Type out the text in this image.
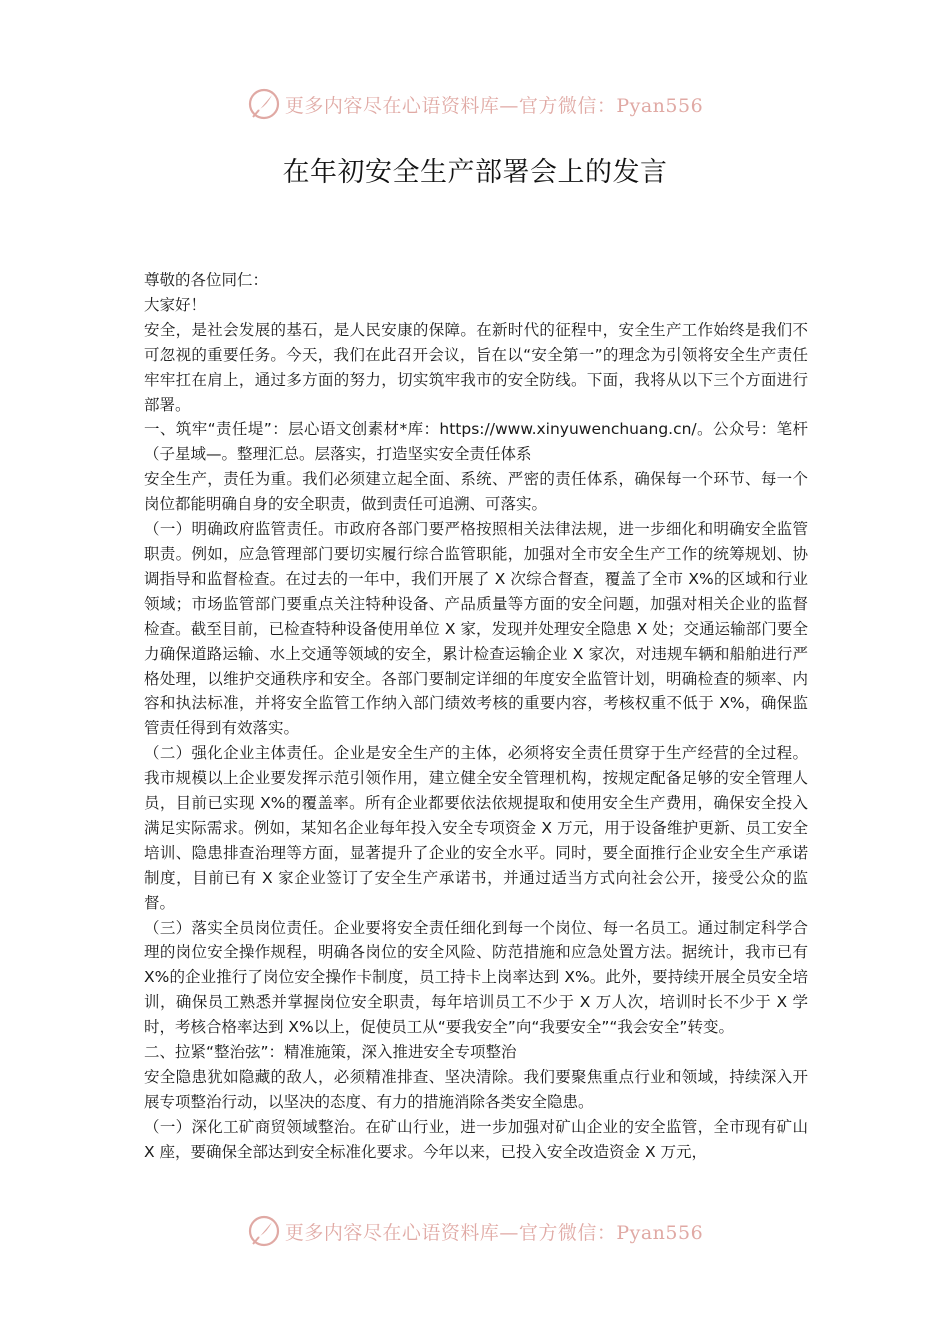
更多内容尽在心语资料库—官方微信：Pyan556
在年初安全生产部署会上的发言

尊敬的各位同仁：

大家好！

安全，是社会发展的基石，是人民安康的保障。在新时代的征程中，安全生产工作始终是我们不可忽视的重要任务。今天，我们在此召开会议，旨在以“安全第一”的理念为引领将安全生产责任牢牢扛在肩上，通过多方面的努力，切实筑牢我市的安全防线。下面，我将从以下三个方面进行部署。

一、筑牢“责任堤”：层心语文创素材*库：https://www.xinyuwenchuang.cn/。公众号：笔杆（子星域—。整理汇总。层落实，打造坚实安全责任体系

安全生产，责任为重。我们必须建立起全面、系统、严密的责任体系，确保每一个环节、每一个岗位都能明确自身的安全职责，做到责任可追溯、可落实。

（一）明确政府监管责任。市政府各部门要严格按照相关法律法规，进一步细化和明确安全监管职责。例如，应急管理部门要切实履行综合监管职能，加强对全市安全生产工作的统筹规划、协调指导和监督检查。在过去的一年中，我们开展了 X 次综合督查，覆盖了全市 X%的区域和行业领域；市场监管部门要重点关注特种设备、产品质量等方面的安全问题，加强对相关企业的监督检查。截至目前，已检查特种设备使用单位 X 家，发现并处理安全隐患 X 处；交通运输部门要全力确保道路运输、水上交通等领域的安全，累计检查运输企业 X 家次，对违规车辆和船舶进行严格处理，以维护交通秩序和安全。各部门要制定详细的年度安全监管计划，明确检查的频率、内容和执法标准，并将安全监管工作纳入部门绩效考核的重要内容，考核权重不低于 X%，确保监管责任得到有效落实。

（二）强化企业主体责任。企业是安全生产的主体，必须将安全责任贯穿于生产经营的全过程。我市规模以上企业要发挥示范引领作用，建立健全安全管理机构，按规定配备足够的安全管理人员，目前已实现 X%的覆盖率。所有企业都要依法依规提取和使用安全生产费用，确保安全投入满足实际需求。例如，某知名企业每年投入安全专项资金 X 万元，用于设备维护更新、员工安全培训、隐患排查治理等方面，显著提升了企业的安全水平。同时，要全面推行企业安全生产承诺制度，目前已有 X 家企业签订了安全生产承诺书，并通过适当方式向社会公开，接受公众的监督。

（三）落实全员岗位责任。企业要将安全责任细化到每一个岗位、每一名员工。通过制定科学合理的岗位安全操作规程，明确各岗位的安全风险、防范措施和应急处置方法。据统计，我市已有 X%的企业推行了岗位安全操作卡制度，员工持卡上岗率达到 X%。此外，要持续开展全员安全培训，确保员工熟悉并掌握岗位安全职责，每年培训员工不少于 X 万人次，培训时长不少于 X 学时，考核合格率达到 X%以上，促使员工从“要我安全”向“我要安全”“我会安全”转变。

二、拉紧“整治弦”：精准施策，深入推进安全专项整治

安全隐患犹如隐藏的敌人，必须精准排查、坚决清除。我们要聚焦重点行业和领域，持续深入开展专项整治行动，以坚决的态度、有力的措施消除各类安全隐患。

（一）深化工矿商贸领域整治。在矿山行业，进一步加强对矿山企业的安全监管，全市现有矿山 X 座，要确保全部达到安全标准化要求。今年以来，已投入安全改造资金 X 万元，

更多内容尽在心语资料库—官方微信：Pyan556
